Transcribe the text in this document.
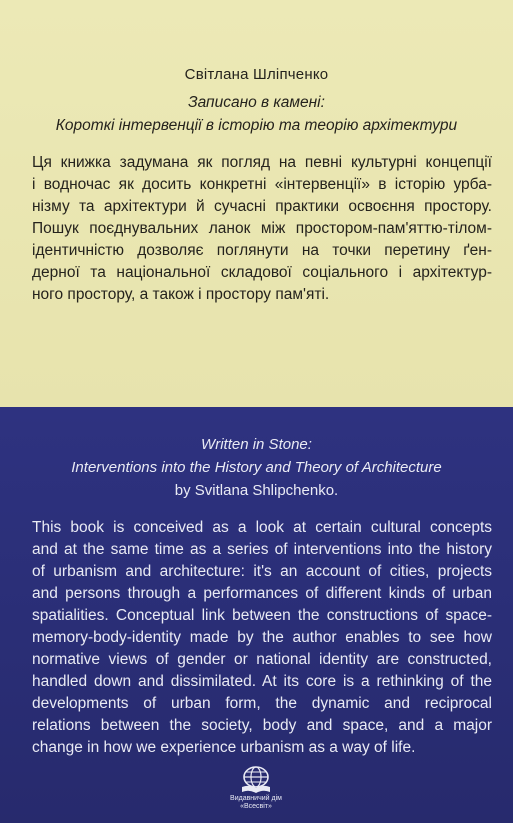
Світлана Шліпченко
Записано в камені:
Короткі інтервенції в історію та теорію архітектури
Ця книжка задумана як погляд на певні культурні концепції
і водночас як досить конкретні «інтервенції» в історію урба-
нізму та архітектури й сучасні практики освоєння простору.
Пошук поєднувальних ланок між простором-пам'яттю-тілом-
ідентичністю дозволяє поглянути на точки перетину ґен-
дерної та національної складової соціального і архітектур-
ного простору, а також і простору пам'яті.
Written in Stone:
Interventions into the History and Theory of Architecture
by Svitlana Shlipchenko.
This book is conceived as a look at certain cultural concepts
and at the same time as a series of interventions into the history
of urbanism and architecture: it's an account of cities, projects
and persons through a performances of different kinds of urban
spatialities. Conceptual link between the constructions of space-
memory-body-identity made by the author enables to see how
normative views of gender or national identity are constructed,
handled down and dissimilated. At its core is a rethinking of the
developments of urban form, the dynamic and reciprocal
relations between the society, body and space, and a major
change in how we experience urbanism as a way of life.
Видавничий дім
«Всесвіт»
